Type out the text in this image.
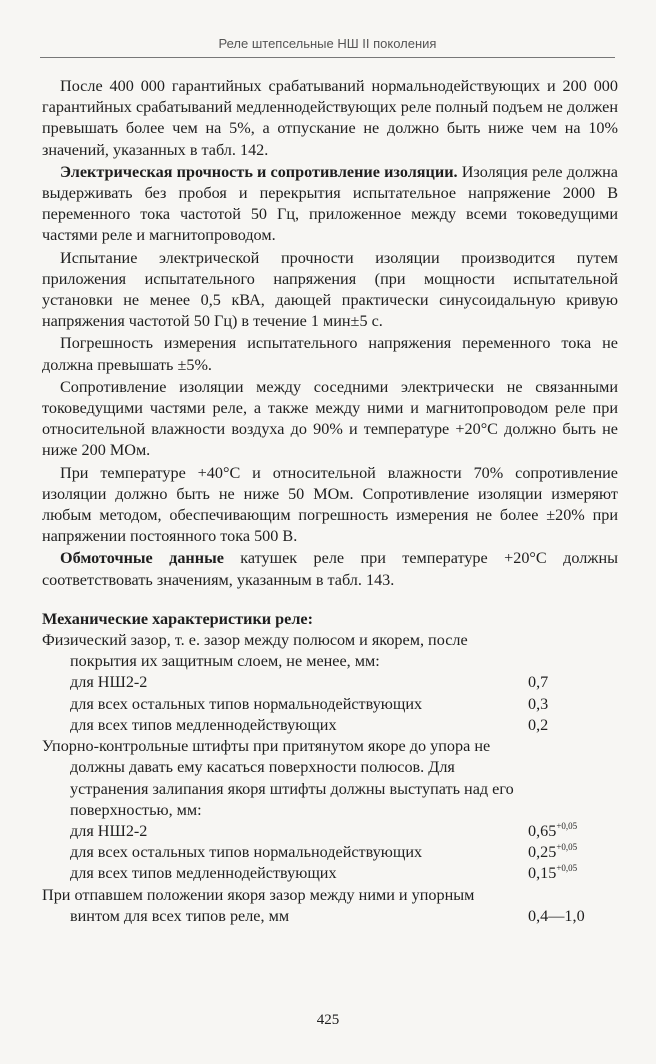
Реле штепсельные НШ II поколения

После 400 000 гарантийных срабатываний нормальнодействующих и 200 000 гарантийных срабатываний медленнодействующих реле полный подъем не должен превышать более чем на 5%, а отпускание не должно быть ниже чем на 10% значений, указанных в табл. 142.

Электрическая прочность и сопротивление изоляции. Изоляция реле должна выдерживать без пробоя и перекрытия испытательное напряжение 2000 В переменного тока частотой 50 Гц, приложенное между всеми токоведущими частями реле и магнитопроводом.

Испытание электрической прочности изоляции производится путем приложения испытательного напряжения (при мощности испытательной установки не менее 0,5 кВА, дающей практически синусоидальную кривую напряжения частотой 50 Гц) в течение 1 мин±5 с.

Погрешность измерения испытательного напряжения переменного тока не должна превышать ±5%.

Сопротивление изоляции между соседними электрически не связанными токоведущими частями реле, а также между ними и магнитопроводом реле при относительной влажности воздуха до 90% и температуре +20°С должно быть не ниже 200 МОм.

При температуре +40°С и относительной влажности 70% сопротивление изоляции должно быть не ниже 50 МОм. Сопротивление изоляции измеряют любым методом, обеспечивающим погрешность измерения не более ±20% при напряжении постоянного тока 500 В.

Обмоточные данные катушек реле при температуре +20°С должны соответствовать значениям, указанным в табл. 143.

Механические характеристики реле:
Физический зазор, т. е. зазор между полюсом и якорем, после покрытия их защитным слоем, не менее, мм:
для НШ2-2	0,7
для всех остальных типов нормальнодействующих	0,3
для всех типов медленнодействующих	0,2
Упорно-контрольные штифты при притянутом якоре до упора не должны давать ему касаться поверхности полюсов. Для устранения залипания якоря штифты должны выступать над его поверхностью, мм:
для НШ2-2	$0,65^{+0,05}$
для всех остальных типов нормальнодействующих	$0,25^{+0,05}$
для всех типов медленнодействующих	$0,15^{+0,05}$
При отпавшем положении якоря зазор между ними и упорным винтом для всех типов реле, мм	0,4—1,0
425
